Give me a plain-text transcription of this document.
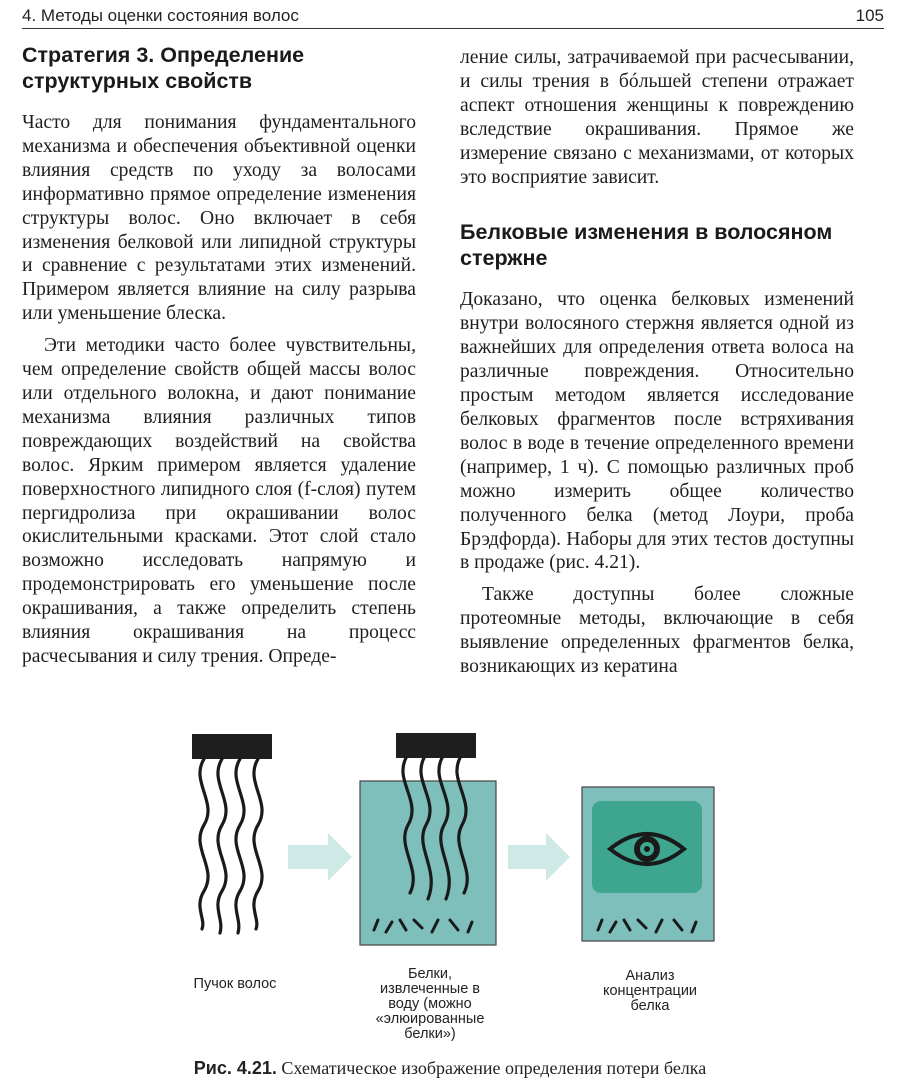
4. Методы оценки состояния волос	105
Стратегия 3. Определение структурных свойств

Часто для понимания фундаментального механизма и обеспечения объективной оценки влияния средств по уходу за волосами информативно прямое определение изменения структуры волос. Оно включает в себя изменения белковой или липидной структуры и сравнение с результатами этих изменений. Примером является влияние на силу разрыва или уменьшение блеска.

Эти методики часто более чувствительны, чем определение свойств общей массы волос или отдельного волокна, и дают понимание механизма влияния различных типов повреждающих воздействий на свойства волос. Ярким примером является удаление поверхностного липидного слоя (f-слоя) путем пергидролиза при окрашивании волос окислительными красками. Этот слой стало возможно исследовать напрямую и продемонстрировать его уменьшение после окрашивания, а также определить степень влияния окрашивания на процесс расчесывания и силу трения. Опреде-

ление силы, затрачиваемой при расчесывании, и силы трения в бóльшей степени отражает аспект отношения женщины к повреждению вследствие окрашивания. Прямое же измерение связано с механизмами, от которых это восприятие зависит.

Белковые изменения в волосяном стержне

Доказано, что оценка белковых изменений внутри волосяного стержня является одной из важнейших для определения ответа волоса на различные повреждения. Относительно простым методом является исследование белковых фрагментов после встряхивания волос в воде в течение определенного времени (например, 1 ч). С помощью различных проб можно измерить общее количество полученного белка (метод Лоури, проба Брэдфорда). Наборы для этих тестов доступны в продаже (рис. 4.21).

Также доступны более сложные протеомные методы, включающие в себя выявление определенных фрагментов белка, возникающих из кератина

Пучок волос
Белки, извлеченные в воду (можно «элюированные белки»)
Анализ концентрации белка
Рис. 4.21. Схематическое изображение определения потери белка
